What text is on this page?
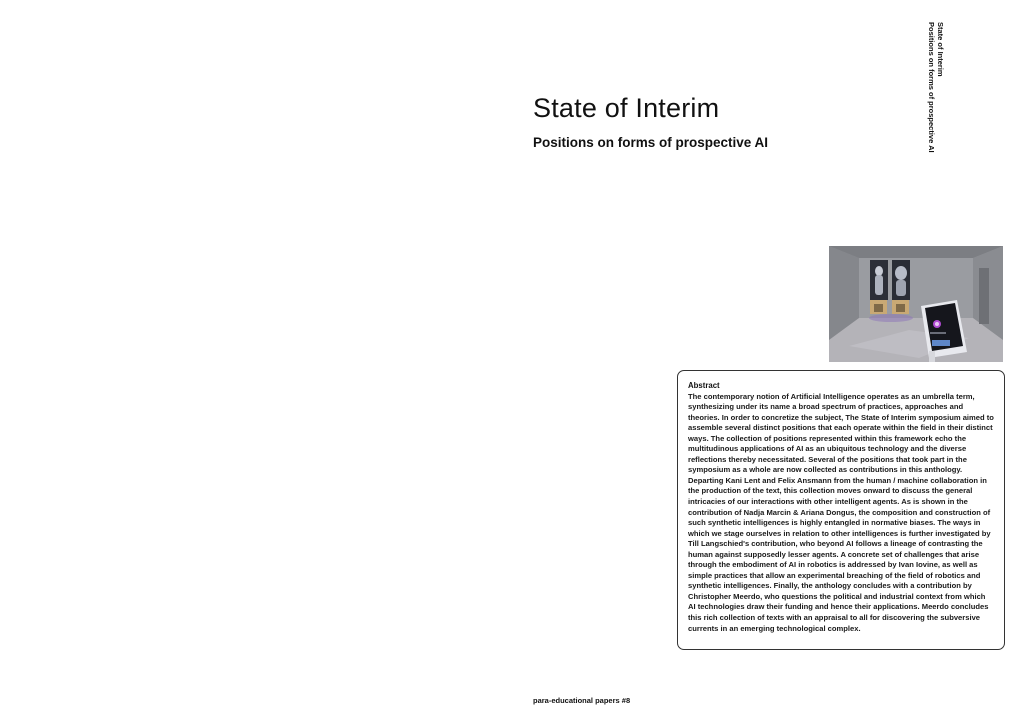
State of Interim
Positions on forms of prospective AI
State of Interim
Positions on forms of prospective AI

Abstract

The contemporary notion of Artificial Intelligence operates as an umbrella term, synthesizing under its name a broad spectrum of practices, approaches and theories. In order to concretize the subject, The State of Interim symposium aimed to assemble several distinct positions that each operate within the field in their distinct ways. The collection of positions represented within this framework echo the multitudinous applications of AI as an ubiquitous technology and the diverse reflections thereby necessitated. Several of the positions that took part in the symposium as a whole are now collected as contributions in this anthology. Departing Kani Lent and Felix Ansmann from the human / machine collaboration in the production of the text, this collection moves onward to discuss the general intricacies of our interactions with other intelligent agents. As is shown in the contribution of Nadja Marcin & Ariana Dongus, the composition and construction of such synthetic intelligences is highly entangled in normative biases. The ways in which we stage ourselves in relation to other intelligences is further investigated by Till Langschied's contribution, who beyond AI follows a lineage of contrasting the human against supposedly lesser agents. A concrete set of challenges that arise through the embodiment of AI in robotics is addressed by Ivan Iovine, as well as simple practices that allow an experimental breaching of the field of robotics and synthetic intelligences. Finally, the anthology concludes with a contribution by Christopher Meerdo, who questions the political and industrial context from which AI technologies draw their funding and hence their applications. Meerdo concludes this rich collection of texts with an appraisal to all for discovering the subversive currents in an emerging technological complex.

para-educational papers #8
